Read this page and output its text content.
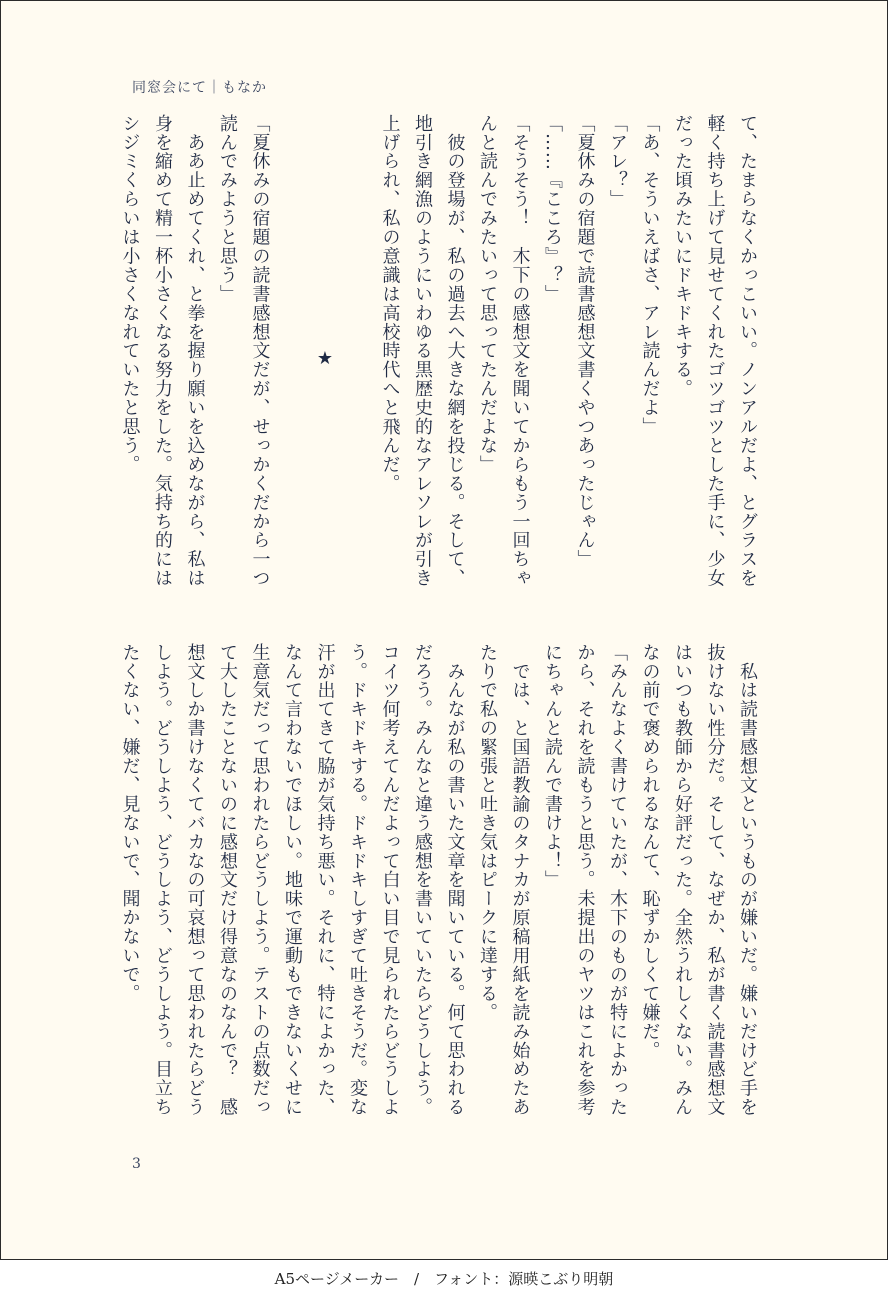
同窓会にて｜もなか
て、たまらなくかっこいい。ノンアルだよ、とグラスを
軽く持ち上げて見せてくれたゴツゴツとした手に、少女
だった頃みたいにドキドキする。
「あ、そういえばさ、アレ読んだよ」
「アレ？」
「夏休みの宿題で読書感想文書くやつあったじゃん」
「……『こころ』？」
「そうそう！　木下の感想文を聞いてからもう一回ちゃ
んと読んでみたいって思ってたんだよな」
　彼の登場が、私の過去へ大きな網を投じる。そして、
地引き網漁のようにいわゆる黒歴史的なアレソレが引き
上げられ、私の意識は高校時代へと飛んだ。

★

「夏休みの宿題の読書感想文だが、せっかくだから一つ
読んでみようと思う」
　ああ止めてくれ、と拳を握り願いを込めながら、私は
身を縮めて精一杯小さくなる努力をした。気持ち的には
シジミくらいは小さくなれていたと思う。
　私は読書感想文というものが嫌いだ。嫌いだけど手を
抜けない性分だ。そして、なぜか、私が書く読書感想文
はいつも教師から好評だった。全然うれしくない。みん
なの前で褒められるなんて、恥ずかしくて嫌だ。
「みんなよく書けていたが、木下のものが特によかった
から、それを読もうと思う。未提出のヤツはこれを参考
にちゃんと読んで書けよ！」
　では、と国語教諭のタナカが原稿用紙を読み始めたあ
たりで私の緊張と吐き気はピークに達する。
　みんなが私の書いた文章を聞いている。何て思われる
だろう。みんなと違う感想を書いていたらどうしよう。
コイツ何考えてんだよって白い目で見られたらどうしよ
う。ドキドキする。ドキドキしすぎて吐きそうだ。変な
汗が出てきて脇が気持ち悪い。それに、特によかった、
なんて言わないでほしい。地味で運動もできないくせに
生意気だって思われたらどうしよう。テストの点数だっ
て大したことないのに感想文だけ得意なのなんで？　感
想文しか書けなくてバカなの可哀想って思われたらどう
しよう。どうしよう、どうしよう、どうしよう。目立ち
たくない、嫌だ、見ないで、聞かないで。
3
A5ページメーカー　/　フォント：源暎こぶり明朝
